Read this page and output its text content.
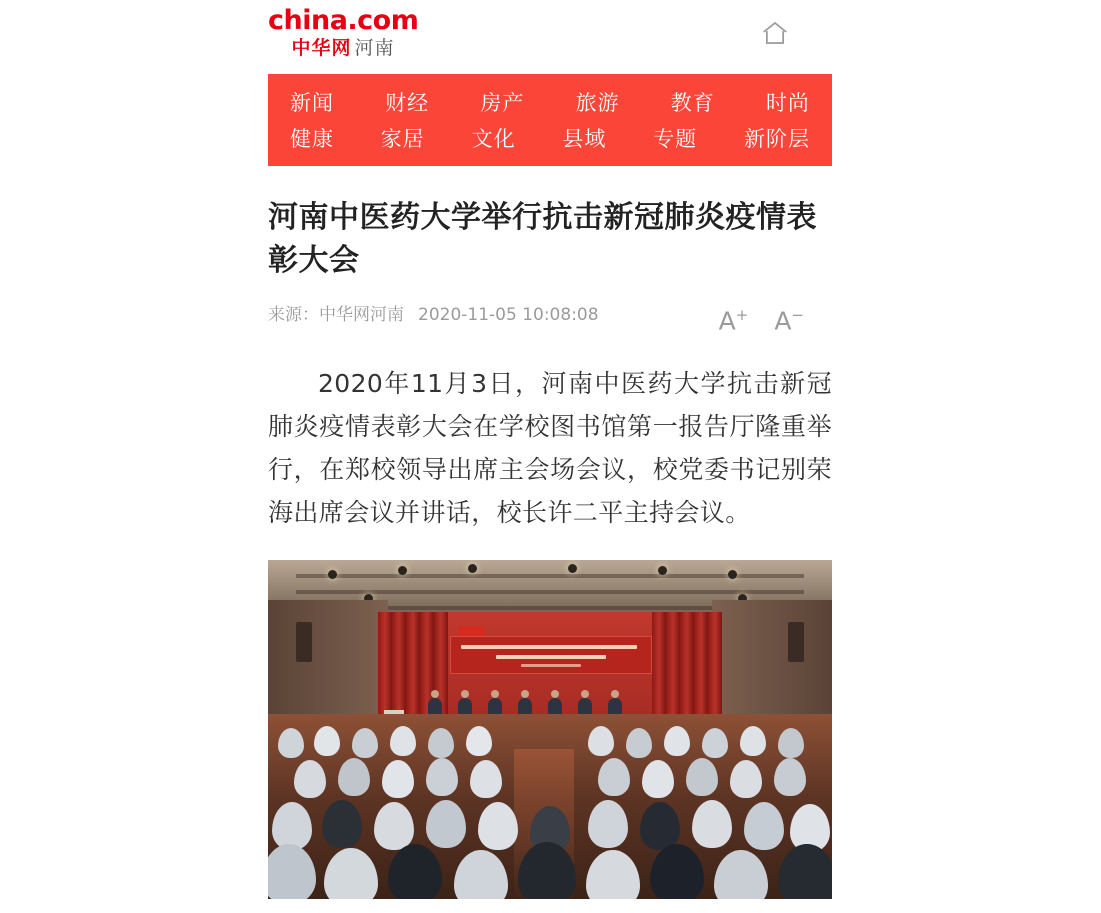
china.com
中华网 河南
新闻 财经 房产 旅游 教育 时尚
健康 家居 文化 县域 专题 新阶层
河南中医药大学举行抗击新冠肺炎疫情表彰大会
来源：中华网河南 2020-11-05 10:08:08	A+ A−

2020年11月3日，河南中医药大学抗击新冠肺炎疫情表彰大会在学校图书馆第一报告厅隆重举行，在郑校领导出席主会场会议，校党委书记别荣海出席会议并讲话，校长许二平主持会议。
